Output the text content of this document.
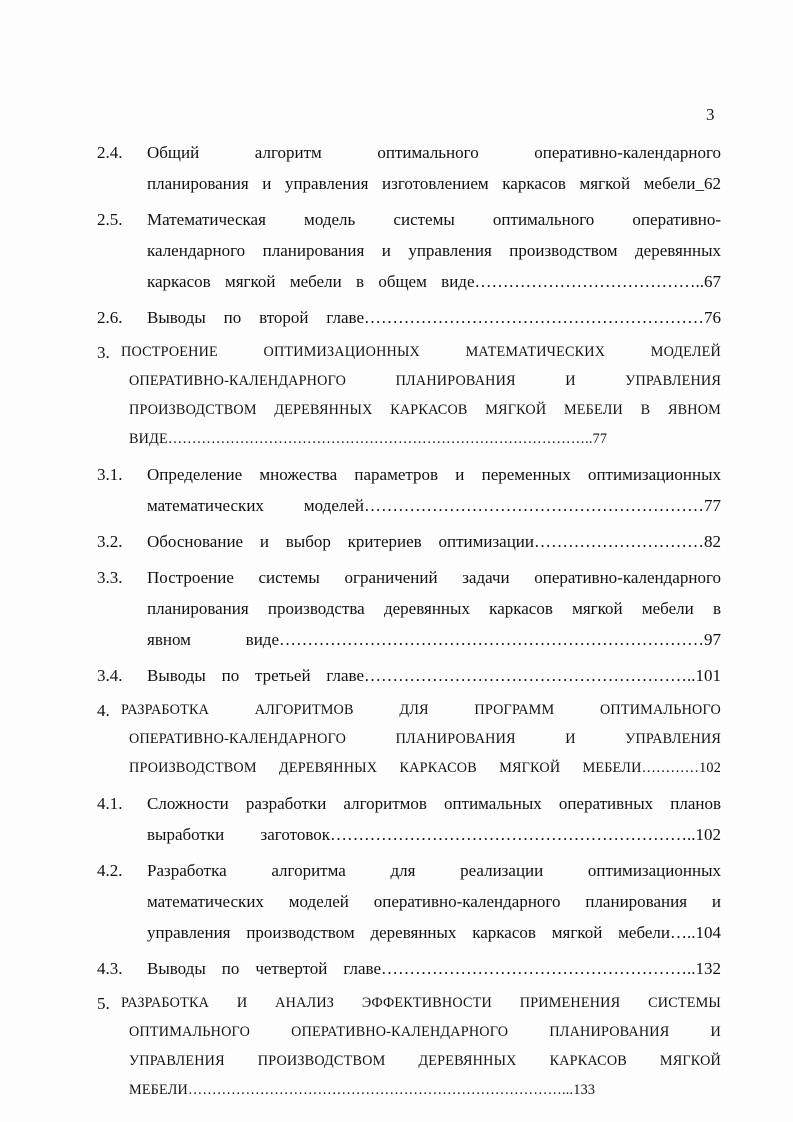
3
2.4. Общий алгоритм оптимального оперативно-календарного
планирования и управления изготовлением каркасов мягкой мебели_62
2.5. Математическая модель системы оптимального оперативно-
календарного планирования и управления производством деревянных
каркасов мягкой мебели в общем виде…………………………………..67
2.6. Выводы по второй главе……………………………………………………76
3. ПОСТРОЕНИЕ ОПТИМИЗАЦИОННЫХ МАТЕМАТИЧЕСКИХ МОДЕЛЕЙ
ОПЕРАТИВНО-КАЛЕНДАРНОГО ПЛАНИРОВАНИЯ И УПРАВЛЕНИЯ
ПРОИЗВОДСТВОМ ДЕРЕВЯННЫХ КАРКАСОВ МЯГКОЙ МЕБЕЛИ В ЯВНОМ
ВИДЕ……………………………………………………………………………..77
3.1. Определение множества параметров и переменных оптимизационных
математических моделей……………………………………………………77
3.2. Обоснование и выбор критериев оптимизации…………………………82
3.3. Построение системы ограничений задачи оперативно-календарного
планирования производства деревянных каркасов мягкой мебели в
явном виде…………………………………………………………………97
3.4. Выводы по третьей главе…………………………………………………..101
4. РАЗРАБОТКА АЛГОРИТМОВ ДЛЯ ПРОГРАММ ОПТИМАЛЬНОГО
ОПЕРАТИВНО-КАЛЕНДАРНОГО ПЛАНИРОВАНИЯ И УПРАВЛЕНИЯ
ПРОИЗВОДСТВОМ ДЕРЕВЯННЫХ КАРКАСОВ МЯГКОЙ МЕБЕЛИ…………102
4.1. Сложности разработки алгоритмов оптимальных оперативных планов
выработки заготовок………………………………………………………..102
4.2. Разработка алгоритма для реализации оптимизационных
математических моделей оперативно-календарного планирования и
управления производством деревянных каркасов мягкой мебели…..104
4.3. Выводы по четвертой главе………………………………………………..132
5. РАЗРАБОТКА И АНАЛИЗ ЭФФЕКТИВНОСТИ ПРИМЕНЕНИЯ СИСТЕМЫ
ОПТИМАЛЬНОГО ОПЕРАТИВНО-КАЛЕНДАРНОГО ПЛАНИРОВАНИЯ И
УПРАВЛЕНИЯ ПРОИЗВОДСТВОМ ДЕРЕВЯННЫХ КАРКАСОВ МЯГКОЙ
МЕБЕЛИ……………………………………………………………………...133
